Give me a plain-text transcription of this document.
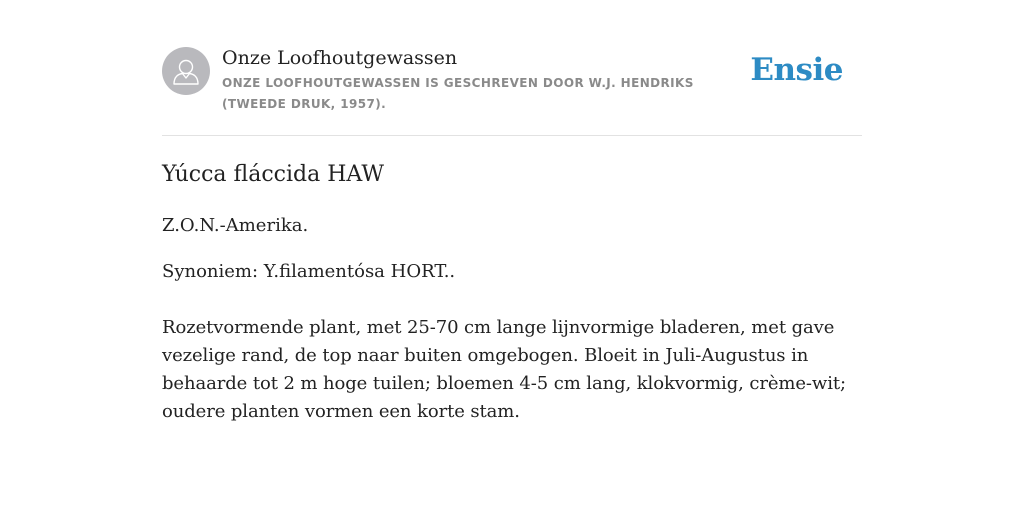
Onze Loofhoutgewassen
ONZE LOOFHOUTGEWASSEN IS GESCHREVEN DOOR W.J. HENDRIKS (TWEEDE DRUK, 1957).
Ensie
Yúcca fláccida HAW

Z.O.N.-Amerika.

Synoniem: Y.filamentósa HORT..

Rozetvormende plant, met 25-70 cm lange lijnvormige bladeren, met gave vezelige rand, de top naar buiten omgebogen. Bloeit in Juli-Augustus in behaarde tot 2 m hoge tuilen; bloemen 4-5 cm lang, klokvormig, crème-wit; oudere planten vormen een korte stam.
